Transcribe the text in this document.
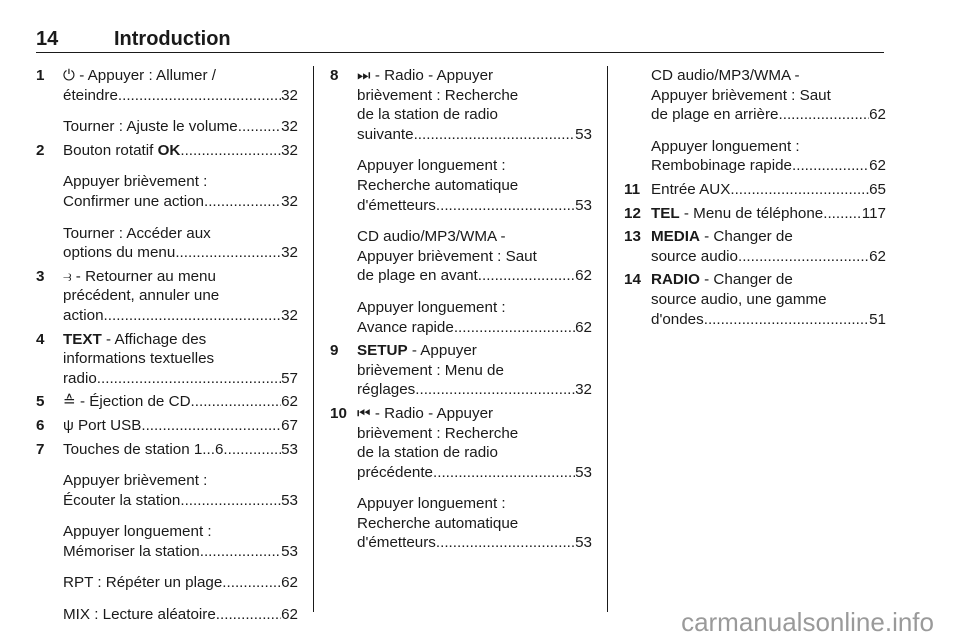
14	Introduction
1 ⏻ - Appuyer : Allumer /
éteindre .....	32
Tourner : Ajuste le volume .....	32
2 Bouton rotatif OK .....	32
Appuyer brièvement :
Confirmer une action .....	32
Tourner : Accéder aux
options du menu .....	32
3 ⥽ - Retourner au menu
précédent, annuler une
action .....	32
4 TEXT - Affichage des
informations textuelles
radio .....	57
5 ≙ - Éjection de CD .....	62
6 ψ Port USB .....	67
7 Touches de station 1...6 .....	53
Appuyer brièvement :
Écouter la station .....	53
Appuyer longuement :
Mémoriser la station .....	53
RPT : Répéter un plage .....	62
MIX : Lecture aléatoire .....	62
8 ⏭ - Radio - Appuyer
brièvement : Recherche
de la station de radio
suivante .....	53
Appuyer longuement :
Recherche automatique
d'émetteurs .....	53
CD audio/MP3/WMA -
Appuyer brièvement : Saut
de plage en avant .....	62
Appuyer longuement :
Avance rapide .....	62
9 SETUP - Appuyer
brièvement : Menu de
réglages .....	32
10 ⏮ - Radio - Appuyer
brièvement : Recherche
de la station de radio
précédente .....	53
Appuyer longuement :
Recherche automatique
d'émetteurs .....	53
CD audio/MP3/WMA -
Appuyer brièvement : Saut
de plage en arrière .....	62
Appuyer longuement :
Rembobinage rapide .....	62
11 Entrée AUX .....	65
12 TEL - Menu de téléphone .....	117
13 MEDIA - Changer de
source audio .....	62
14 RADIO - Changer de
source audio, une gamme
d'ondes .....	51
carmanualsonline.info
